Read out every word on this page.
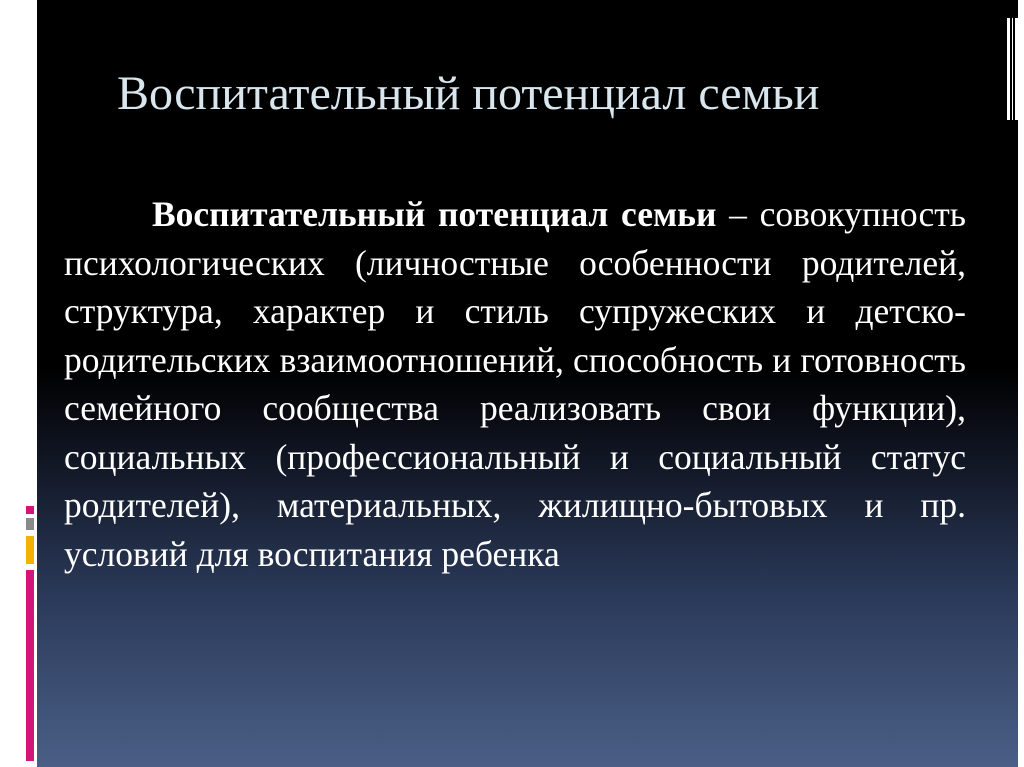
Воспитательный потенциал семьи
Воспитательный потенциал семьи – совокупность психологических (личностные особенности родителей, структура, характер и стиль супружеских и детско-родительских взаимоотношений, способность и готовность семейного сообщества реализовать свои функции), социальных (профессиональный и социальный статус родителей), материальных, жилищно-бытовых и пр. условий для воспитания ребенка
